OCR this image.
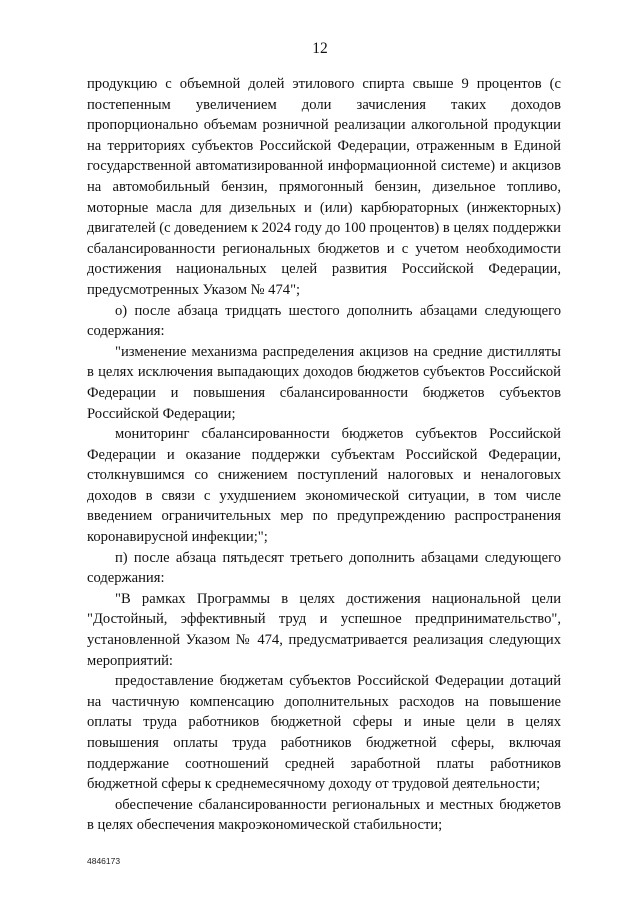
12

продукцию с объемной долей этилового спирта свыше 9 процентов (с постепенным увеличением доли зачисления таких доходов пропорционально объемам розничной реализации алкогольной продукции на территориях субъектов Российской Федерации, отраженным в Единой государственной автоматизированной информационной системе) и акцизов на автомобильный бензин, прямогонный бензин, дизельное топливо, моторные масла для дизельных и (или) карбюраторных (инжекторных) двигателей (с доведением к 2024 году до 100 процентов) в целях поддержки сбалансированности региональных бюджетов и с учетом необходимости достижения национальных целей развития Российской Федерации, предусмотренных Указом № 474";

о) после абзаца тридцать шестого дополнить абзацами следующего содержания:

"изменение механизма распределения акцизов на средние дистилляты в целях исключения выпадающих доходов бюджетов субъектов Российской Федерации и повышения сбалансированности бюджетов субъектов Российской Федерации;

мониторинг сбалансированности бюджетов субъектов Российской Федерации и оказание поддержки субъектам Российской Федерации, столкнувшимся со снижением поступлений налоговых и неналоговых доходов в связи с ухудшением экономической ситуации, в том числе введением ограничительных мер по предупреждению распространения коронавирусной инфекции;";

п) после абзаца пятьдесят третьего дополнить абзацами следующего содержания:

"В рамках Программы в целях достижения национальной цели "Достойный, эффективный труд и успешное предпринимательство", установленной Указом № 474, предусматривается реализация следующих мероприятий:

предоставление бюджетам субъектов Российской Федерации дотаций на частичную компенсацию дополнительных расходов на повышение оплаты труда работников бюджетной сферы и иные цели в целях повышения оплаты труда работников бюджетной сферы, включая поддержание соотношений средней заработной платы работников бюджетной сферы к среднемесячному доходу от трудовой деятельности;

обеспечение сбалансированности региональных и местных бюджетов в целях обеспечения макроэкономической стабильности;

4846173
